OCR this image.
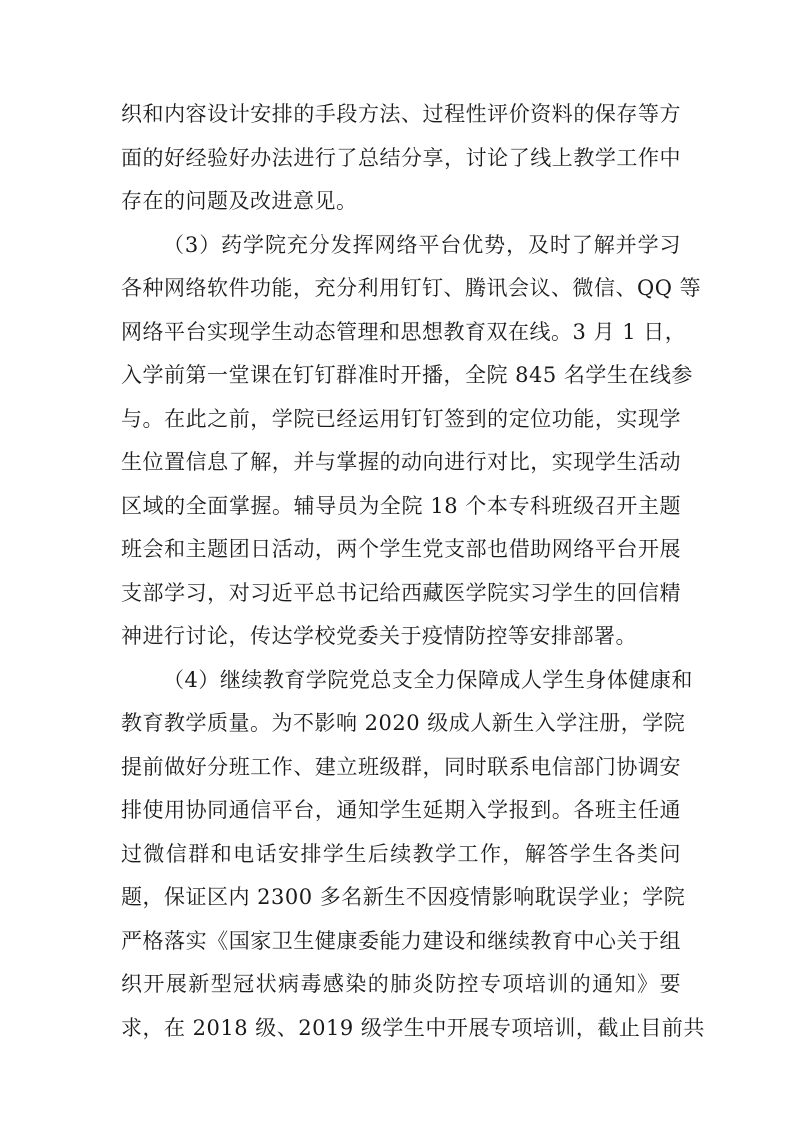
织和内容设计安排的手段方法、过程性评价资料的保存等方
面的好经验好办法进行了总结分享，讨论了线上教学工作中
存在的问题及改进意见。
（3）药学院充分发挥网络平台优势，及时了解并学习
各种网络软件功能，充分利用钉钉、腾讯会议、微信、QQ 等
网络平台实现学生动态管理和思想教育双在线。3 月 1 日，
入学前第一堂课在钉钉群准时开播，全院 845 名学生在线参
与。在此之前，学院已经运用钉钉签到的定位功能，实现学
生位置信息了解，并与掌握的动向进行对比，实现学生活动
区域的全面掌握。辅导员为全院 18 个本专科班级召开主题
班会和主题团日活动，两个学生党支部也借助网络平台开展
支部学习，对习近平总书记给西藏医学院实习学生的回信精
神进行讨论，传达学校党委关于疫情防控等安排部署。
（4）继续教育学院党总支全力保障成人学生身体健康和
教育教学质量。为不影响 2020 级成人新生入学注册，学院
提前做好分班工作、建立班级群，同时联系电信部门协调安
排使用协同通信平台，通知学生延期入学报到。各班主任通
过微信群和电话安排学生后续教学工作，解答学生各类问
题，保证区内 2300 多名新生不因疫情影响耽误学业；学院
严格落实《国家卫生健康委能力建设和继续教育中心关于组
织开展新型冠状病毒感染的肺炎防控专项培训的通知》要
求，在 2018 级、2019 级学生中开展专项培训，截止目前共
